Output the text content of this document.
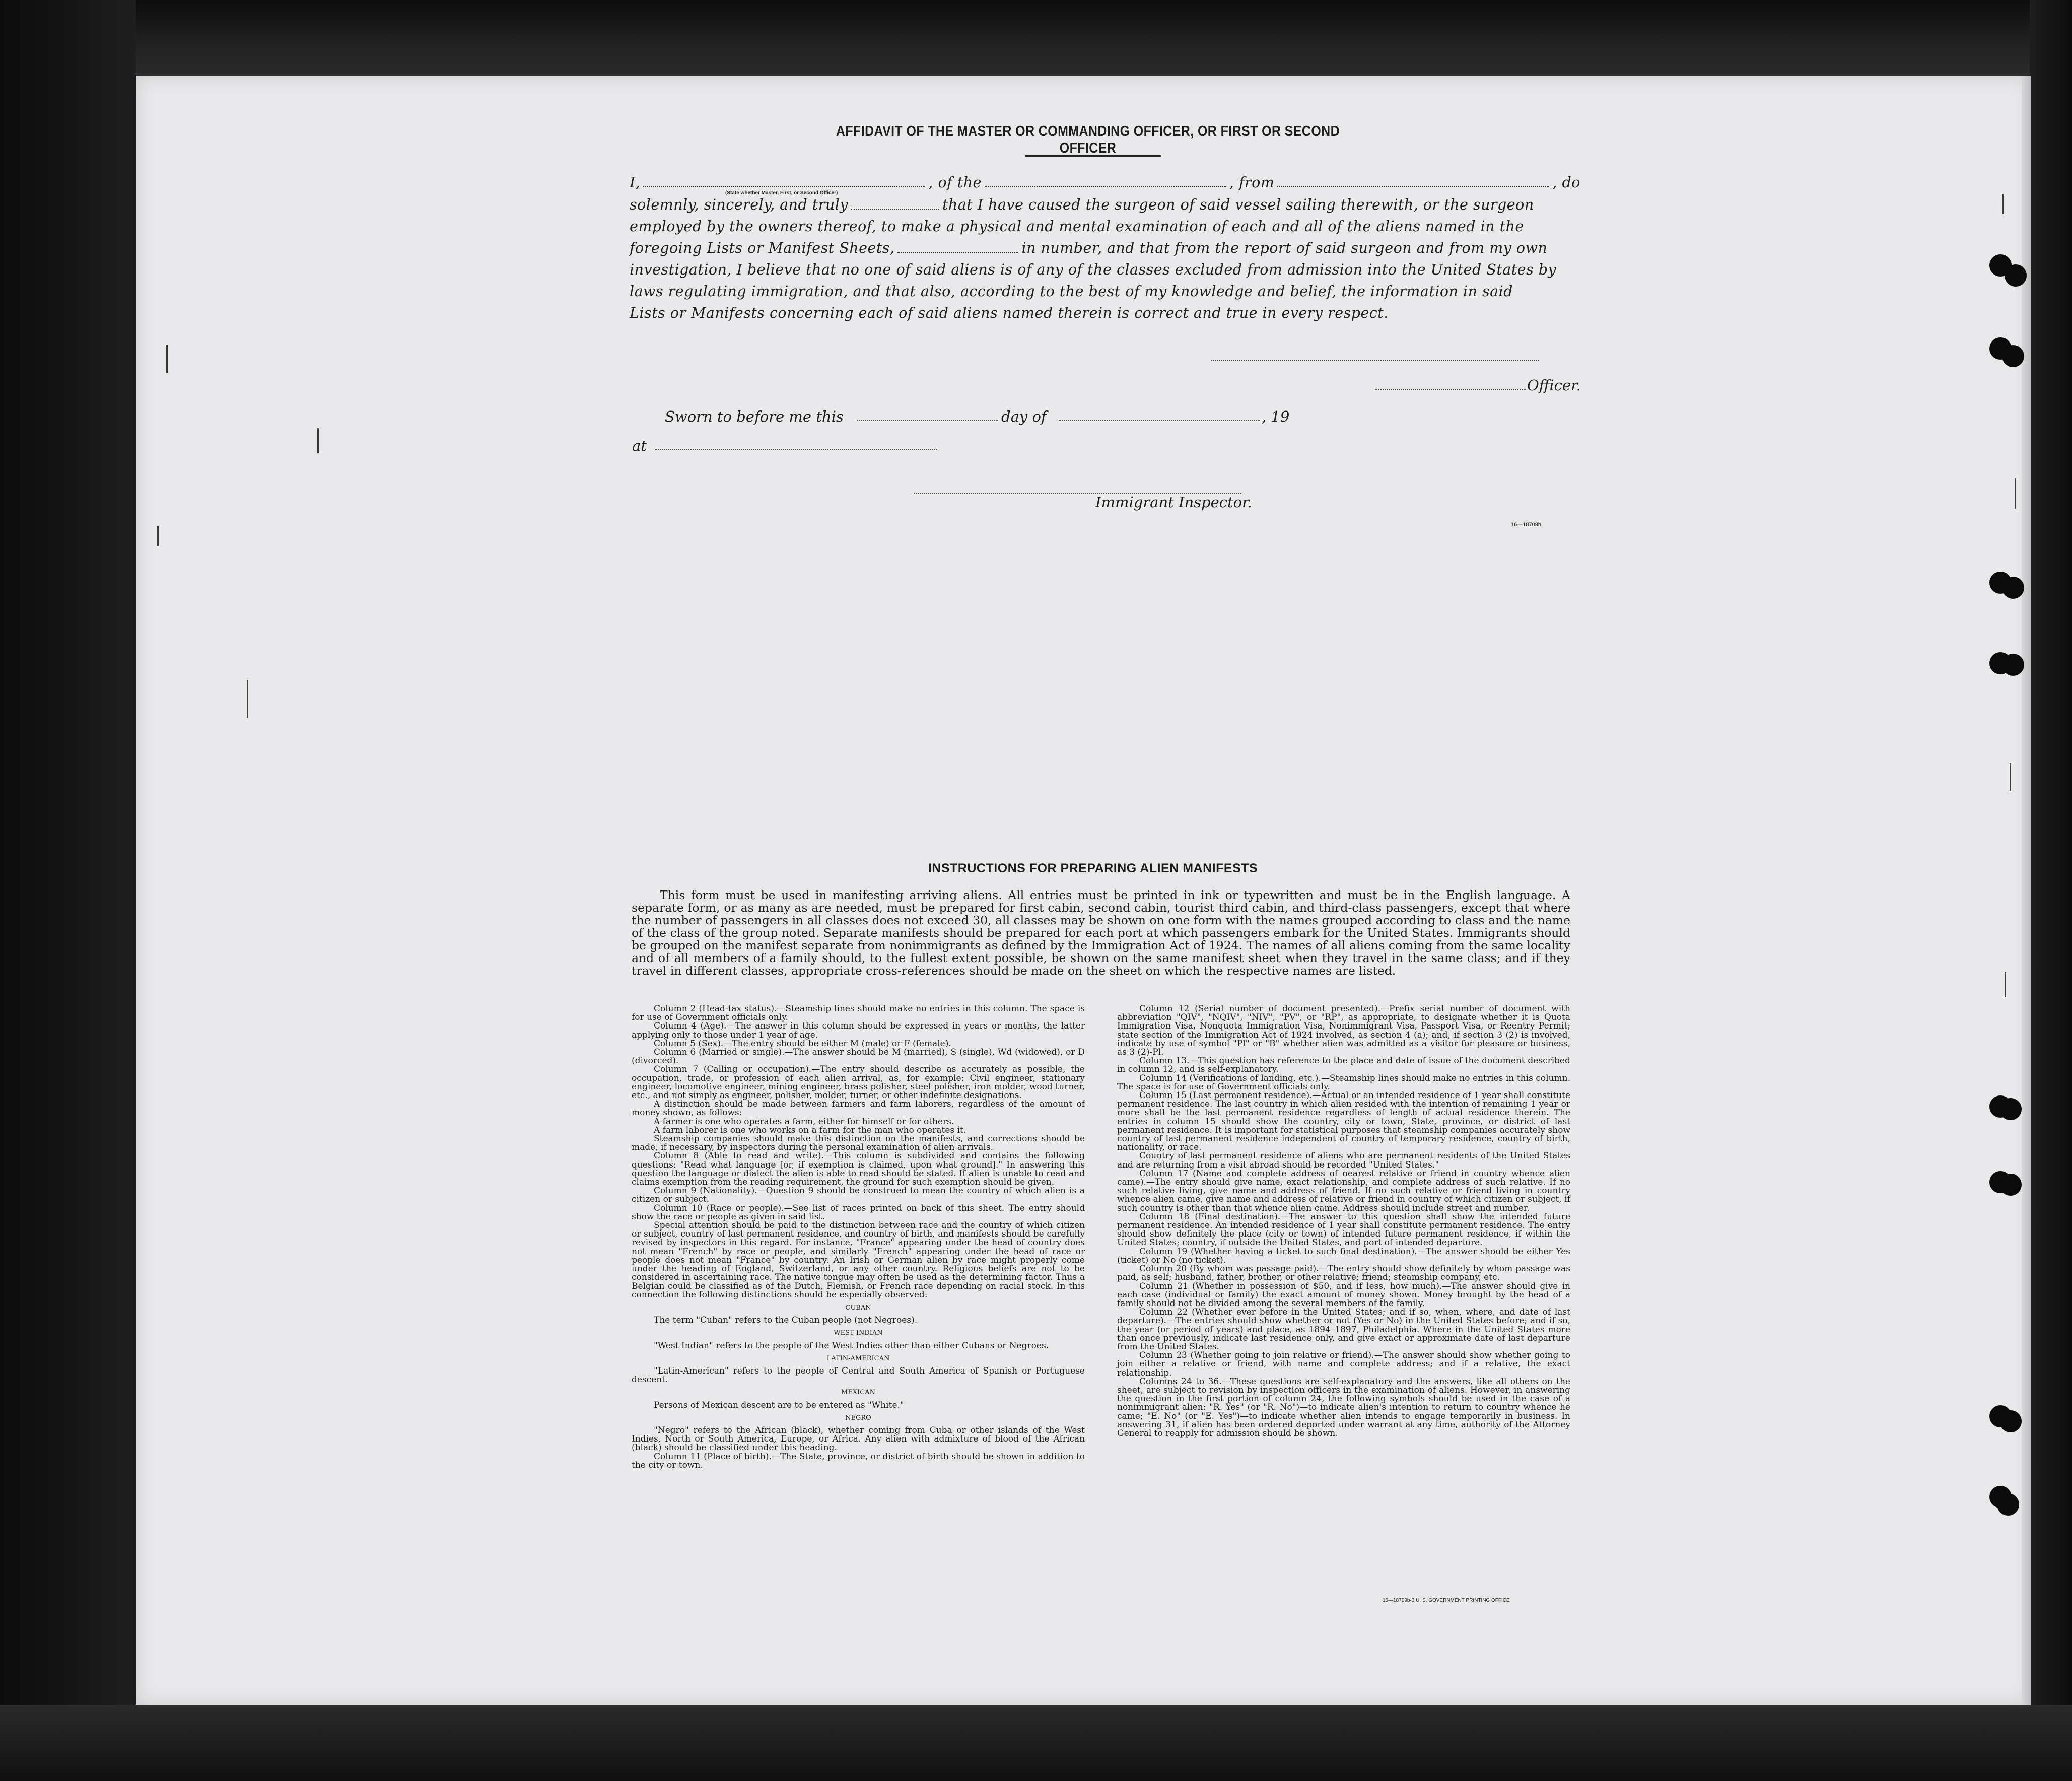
AFFIDAVIT OF THE MASTER OR COMMANDING OFFICER, OR FIRST OR SECOND OFFICER
I,	, of the	, from	, do
(State whether Master, First, or Second Officer)
solemnly, sincerely, and truly	that I have caused the surgeon of said vessel sailing therewith, or the surgeon
employed by the owners thereof, to make a physical and mental examination of each and all of the aliens named in the
foregoing Lists or Manifest Sheets,	in number, and that from the report of said surgeon and from my own
investigation, I believe that no one of said aliens is of any of the classes excluded from admission into the United States by
laws regulating immigration, and that also, according to the best of my knowledge and belief, the information in said
Lists or Manifests concerning each of said aliens named therein is correct and true in every respect.
Officer.
Sworn to before me this	day of	, 19
at
Immigrant Inspector.
16—18709b
INSTRUCTIONS FOR PREPARING ALIEN MANIFESTS
This form must be used in manifesting arriving aliens. All entries must be printed in ink or typewritten and must be in the English language. A separate form, or as many as are needed, must be prepared for first cabin, second cabin, tourist third cabin, and third-class passengers, except that where the number of passengers in all classes does not exceed 30, all classes may be shown on one form with the names grouped according to class and the name of the class of the group noted. Separate manifests should be prepared for each port at which passengers embark for the United States. Immigrants should be grouped on the manifest separate from nonimmigrants as defined by the Immigration Act of 1924. The names of all aliens coming from the same locality and of all members of a family should, to the fullest extent possible, be shown on the same manifest sheet when they travel in the same class; and if they travel in different classes, appropriate cross-references should be made on the sheet on which the respective names are listed.

Column 2 (Head-tax status).—Steamship lines should make no entries in this column. The space is for use of Government officials only.

Column 4 (Age).—The answer in this column should be expressed in years or months, the latter applying only to those under 1 year of age.

Column 5 (Sex).—The entry should be either M (male) or F (female).

Column 6 (Married or single).—The answer should be M (married), S (single), Wd (widowed), or D (divorced).

Column 7 (Calling or occupation).—The entry should describe as accurately as possible, the occupation, trade, or profession of each alien arrival, as, for example: Civil engineer, stationary engineer, locomotive engineer, mining engineer, brass polisher, steel polisher, iron molder, wood turner, etc., and not simply as engineer, polisher, molder, turner, or other indefinite designations.

A distinction should be made between farmers and farm laborers, regardless of the amount of money shown, as follows:

A farmer is one who operates a farm, either for himself or for others.

A farm laborer is one who works on a farm for the man who operates it.

Steamship companies should make this distinction on the manifests, and corrections should be made, if necessary, by inspectors during the personal examination of alien arrivals.

Column 8 (Able to read and write).—This column is subdivided and contains the following questions: "Read what language [or, if exemption is claimed, upon what ground]." In answering this question the language or dialect the alien is able to read should be stated. If alien is unable to read and claims exemption from the reading requirement, the ground for such exemption should be given.

Column 9 (Nationality).—Question 9 should be construed to mean the country of which alien is a citizen or subject.

Column 10 (Race or people).—See list of races printed on back of this sheet. The entry should show the race or people as given in said list.

Special attention should be paid to the distinction between race and the country of which citizen or subject, country of last permanent residence, and country of birth, and manifests should be carefully revised by inspectors in this regard. For instance, "France" appearing under the head of country does not mean "French" by race or people, and similarly "French" appearing under the head of race or people does not mean "France" by country. An Irish or German alien by race might properly come under the heading of England, Switzerland, or any other country. Religious beliefs are not to be considered in ascertaining race. The native tongue may often be used as the determining factor. Thus a Belgian could be classified as of the Dutch, Flemish, or French race depending on racial stock. In this connection the following distinctions should be especially observed:

CUBAN

The term "Cuban" refers to the Cuban people (not Negroes).

WEST INDIAN

"West Indian" refers to the people of the West Indies other than either Cubans or Negroes.

LATIN-AMERICAN

"Latin-American" refers to the people of Central and South America of Spanish or Portuguese descent.

MEXICAN

Persons of Mexican descent are to be entered as "White."

NEGRO

"Negro" refers to the African (black), whether coming from Cuba or other islands of the West Indies, North or South America, Europe, or Africa. Any alien with admixture of blood of the African (black) should be classified under this heading.

Column 11 (Place of birth).—The State, province, or district of birth should be shown in addition to the city or town.

Column 12 (Serial number of document presented).—Prefix serial number of document with abbreviation "QIV", "NQIV", "NIV", "PV", or "RP", as appropriate, to designate whether it is Quota Immigration Visa, Nonquota Immigration Visa, Nonimmigrant Visa, Passport Visa, or Reentry Permit; state section of the Immigration Act of 1924 involved, as section 4 (a); and, if section 3 (2) is involved, indicate by use of symbol "Pl" or "B" whether alien was admitted as a visitor for pleasure or business, as 3 (2)-Pl.

Column 13.—This question has reference to the place and date of issue of the document described in column 12, and is self-explanatory.

Column 14 (Verifications of landing, etc.).—Steamship lines should make no entries in this column. The space is for use of Government officials only.

Column 15 (Last permanent residence).—Actual or an intended residence of 1 year shall constitute permanent residence. The last country in which alien resided with the intention of remaining 1 year or more shall be the last permanent residence regardless of length of actual residence therein. The entries in column 15 should show the country, city or town, State, province, or district of last permanent residence. It is important for statistical purposes that steamship companies accurately show country of last permanent residence independent of country of temporary residence, country of birth, nationality, or race.

Country of last permanent residence of aliens who are permanent residents of the United States and are returning from a visit abroad should be recorded "United States."

Column 17 (Name and complete address of nearest relative or friend in country whence alien came).—The entry should give name, exact relationship, and complete address of such relative. If no such relative living, give name and address of friend. If no such relative or friend living in country whence alien came, give name and address of relative or friend in country of which citizen or subject, if such country is other than that whence alien came. Address should include street and number.

Column 18 (Final destination).—The answer to this question shall show the intended future permanent residence. An intended residence of 1 year shall constitute permanent residence. The entry should show definitely the place (city or town) of intended future permanent residence, if within the United States; country, if outside the United States, and port of intended departure.

Column 19 (Whether having a ticket to such final destination).—The answer should be either Yes (ticket) or No (no ticket).

Column 20 (By whom was passage paid).—The entry should show definitely by whom passage was paid, as self; husband, father, brother, or other relative; friend; steamship company, etc.

Column 21 (Whether in possession of $50, and if less, how much).—The answer should give in each case (individual or family) the exact amount of money shown. Money brought by the head of a family should not be divided among the several members of the family.

Column 22 (Whether ever before in the United States; and if so, when, where, and date of last departure).—The entries should show whether or not (Yes or No) in the United States before; and if so, the year (or period of years) and place, as 1894–1897, Philadelphia. Where in the United States more than once previously, indicate last residence only, and give exact or approximate date of last departure from the United States.

Column 23 (Whether going to join relative or friend).—The answer should show whether going to join either a relative or friend, with name and complete address; and if a relative, the exact relationship.

Columns 24 to 36.—These questions are self-explanatory and the answers, like all others on the sheet, are subject to revision by inspection officers in the examination of aliens. However, in answering the question in the first portion of column 24, the following symbols should be used in the case of a nonimmigrant alien: "R. Yes" (or "R. No")—to indicate alien's intention to return to country whence he came; "E. No" (or "E. Yes")—to indicate whether alien intends to engage temporarily in business. In answering 31, if alien has been ordered deported under warrant at any time, authority of the Attorney General to reapply for admission should be shown.

16—18709b-3 U. S. GOVERNMENT PRINTING OFFICE
